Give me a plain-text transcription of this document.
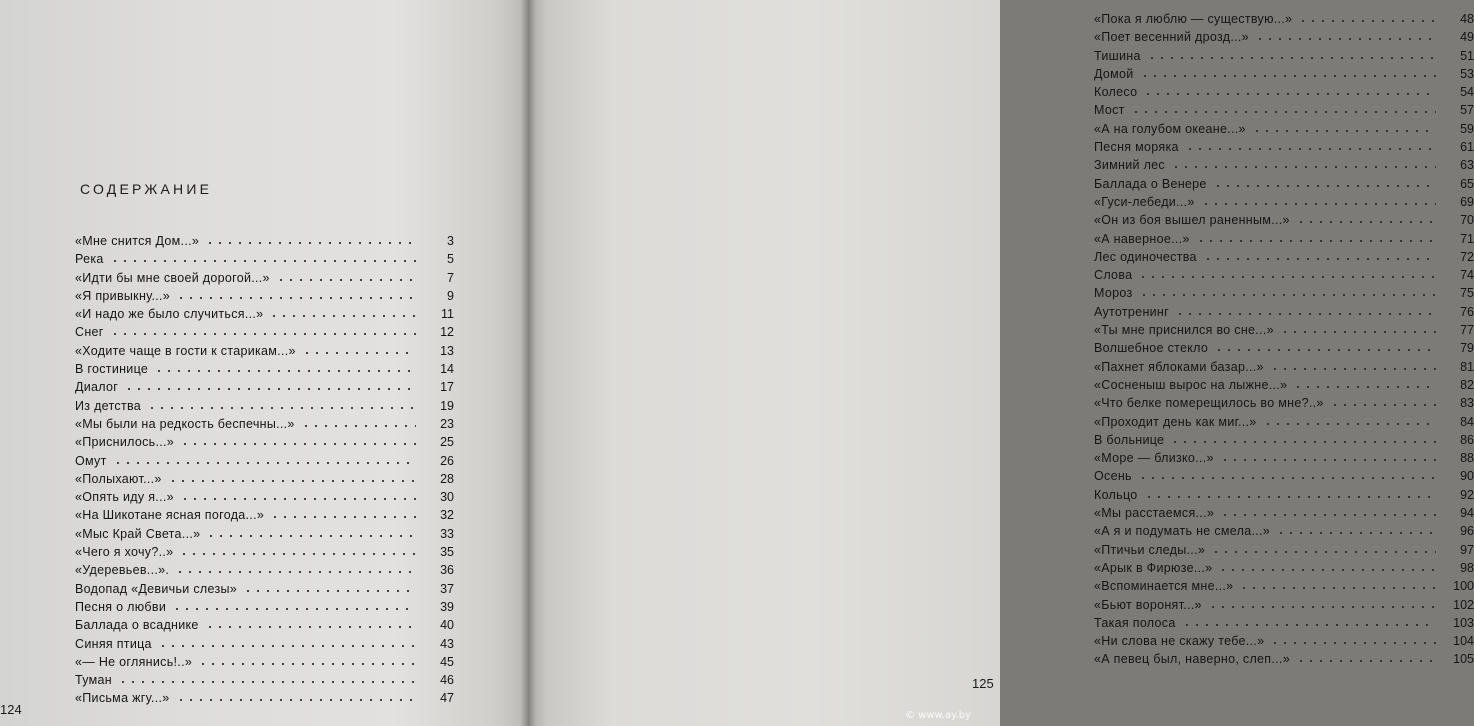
СОДЕРЖАНИЕ
«Мне снится Дом...»	3
Река	5
«Идти бы мне своей дорогой...»	7
«Я привыкну...»	9
«И надо же было случиться...»	11
Снег	12
«Ходите чаще в гости к старикам...»	13
В гостинице	14
Диалог	17
Из детства	19
«Мы были на редкость беспечны...»	23
«Приснилось...»	25
Омут	26
«Полыхают...»	28
«Опять иду я...»	30
«На Шикотане ясная погода...»	32
«Мыс Край Света...»	33
«Чего я хочу?..»	35
«Удеревьев...».	36
Водопад «Девичьи слезы»	37
Песня о любви	39
Баллада о всаднике	40
Синяя птица	43
«— Не оглянись!..»	45
Туман	46
«Письма жгу...»	47
«Пока я люблю — существую...»	48
«Поет весенний дрозд...»	49
Тишина	51
Домой	53
Колесо	54
Мост	57
«А на голубом океане...»	59
Песня моряка	61
Зимний лес	63
Баллада о Венере	65
«Гуси-лебеди...»	69
«Он из боя вышел раненным...»	70
«А наверное...»	71
Лес одиночества	72
Слова	74
Мороз	75
Аутотренинг	76
«Ты мне приснился во сне...»	77
Волшебное стекло	79
«Пахнет яблоками базар...»	81
«Сосненыш вырос на лыжне...»	82
«Что белке померещилось во мне?..»	83
«Проходит день как миг...»	84
В больнице	86
«Море — близко...»	88
Осень	90
Кольцо	92
«Мы расстаемся...»	94
«А я и подумать не смела...»	96
«Птичьи следы...»	97
«Арык в Фирюзе...»	98
«Вспоминается мне...»	100
«Бьют воронят...»	102
Такая полоса	103
«Ни слова не скажу тебе...»	104
«А певец был, наверно, слеп...»	105

124

125

© www.ay.by
